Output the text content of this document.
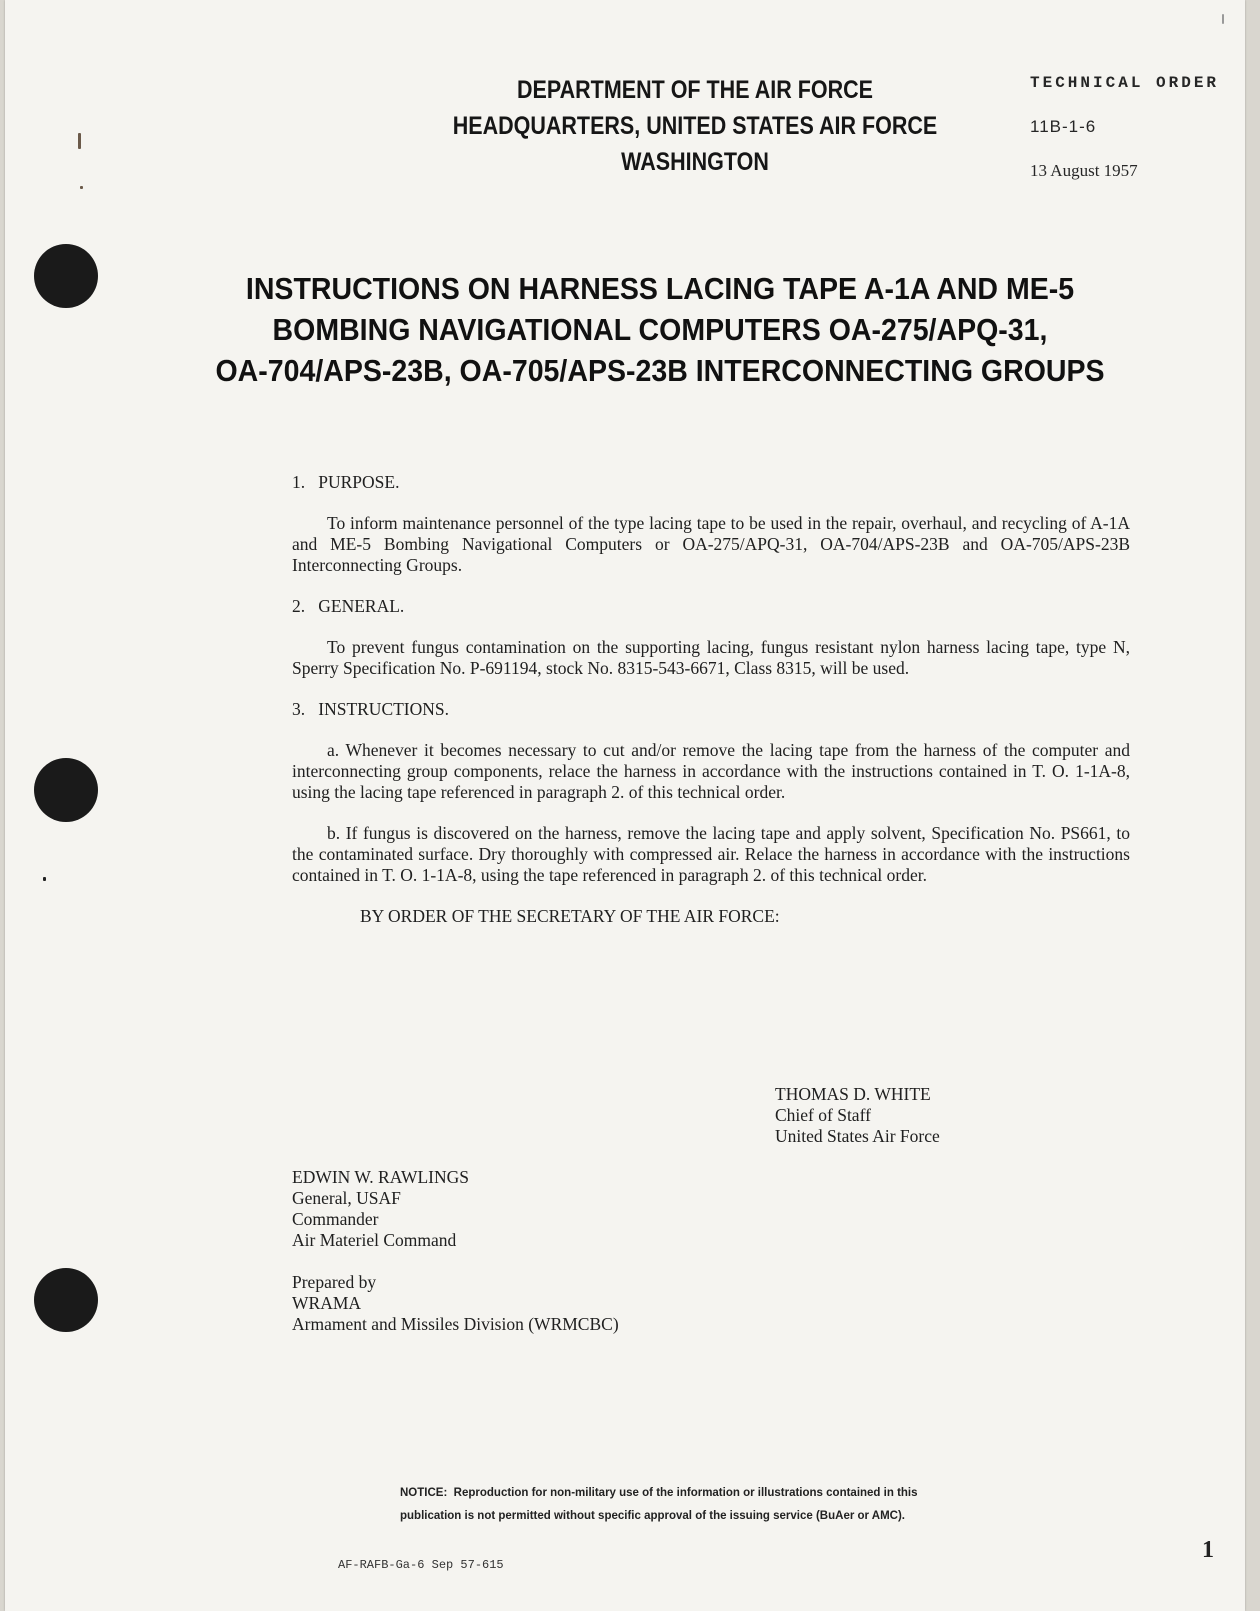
DEPARTMENT OF THE AIR FORCE
HEADQUARTERS, UNITED STATES AIR FORCE
WASHINGTON
TECHNICAL ORDER
11B-1-6
13 August 1957
INSTRUCTIONS ON HARNESS LACING TAPE A-1A AND ME-5
BOMBING NAVIGATIONAL COMPUTERS OA-275/APQ-31,
OA-704/APS-23B, OA-705/APS-23B INTERCONNECTING GROUPS
1.   PURPOSE.
To inform maintenance personnel of the type lacing tape to be used in the repair, overhaul, and recycling of A-1A and ME-5 Bombing Navigational Computers or OA-275/APQ-31, OA-704/APS-23B and OA-705/APS-23B Interconnecting Groups.
2.   GENERAL.
To prevent fungus contamination on the supporting lacing, fungus resistant nylon harness lacing tape, type N, Sperry Specification No. P-691194, stock No. 8315-543-6671, Class 8315, will be used.
3.   INSTRUCTIONS.
a. Whenever it becomes necessary to cut and/or remove the lacing tape from the harness of the computer and interconnecting group components, relace the harness in accordance with the instructions contained in T. O. 1-1A-8, using the lacing tape referenced in paragraph 2. of this technical order.
b. If fungus is discovered on the harness, remove the lacing tape and apply solvent, Specification No. PS661, to the contaminated surface. Dry thoroughly with compressed air. Relace the harness in accordance with the instructions contained in T. O. 1-1A-8, using the tape referenced in paragraph 2. of this technical order.
BY ORDER OF THE SECRETARY OF THE AIR FORCE:
THOMAS D. WHITE
Chief of Staff
United States Air Force
EDWIN W. RAWLINGS
General, USAF
Commander
Air Materiel Command
Prepared by
WRAMA
Armament and Missiles Division (WRMCBC)
NOTICE:  Reproduction for non-military use of the information or illustrations contained in this
publication is not permitted without specific approval of the issuing service (BuAer or AMC).
AF-RAFB-Ga-6 Sep 57-615
1
